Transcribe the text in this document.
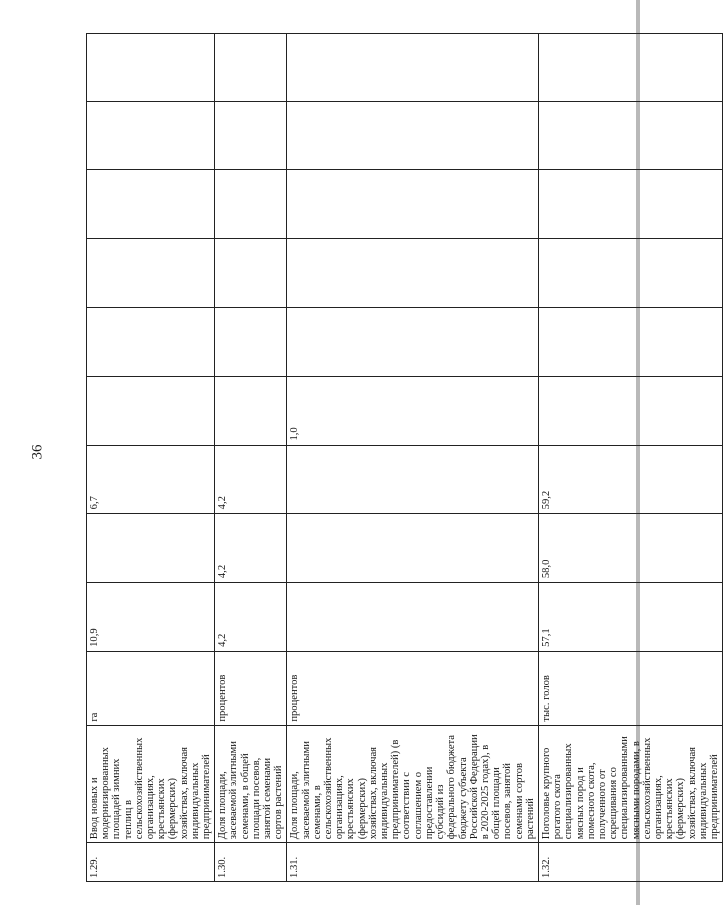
36
1.29.	Ввод новых и модернизированных площадей зимних теплиц в сельскохозяйственных организациях, крестьянских (фермерских) хозяйствах, включая индивидуальных предпринимателей	га	10,9		6,7						
1.30.	Доля площади, засеваемой элитными семенами, в общей площади посевов, занятой семенами сортов растений	процентов	4,2	4,2	4,2						
1.31.	Доля площади, засеваемой элитными семенами, в сельскохозяйственных организациях, крестьянских (фермерских) хозяйствах, включая индивидуальных предпринимателей) (в соответствии с соглашением о предоставлении субсидий из федерального бюджета бюджету субъекта Российской Федерации в 2020-2025 годах), в общей площади посевов, занятой семенами сортов растений	процентов				1,0					
1.32.	Поголовье крупного рогатого скота специализированных мясных пород и помесного скота, полученного от скрещивания со специализированными мясными породами, в сельскохозяйственных организациях, крестьянских (фермерских) хозяйствах, включая индивидуальных предпринимателей	тыс. голов	57,1	58,0	59,2						
